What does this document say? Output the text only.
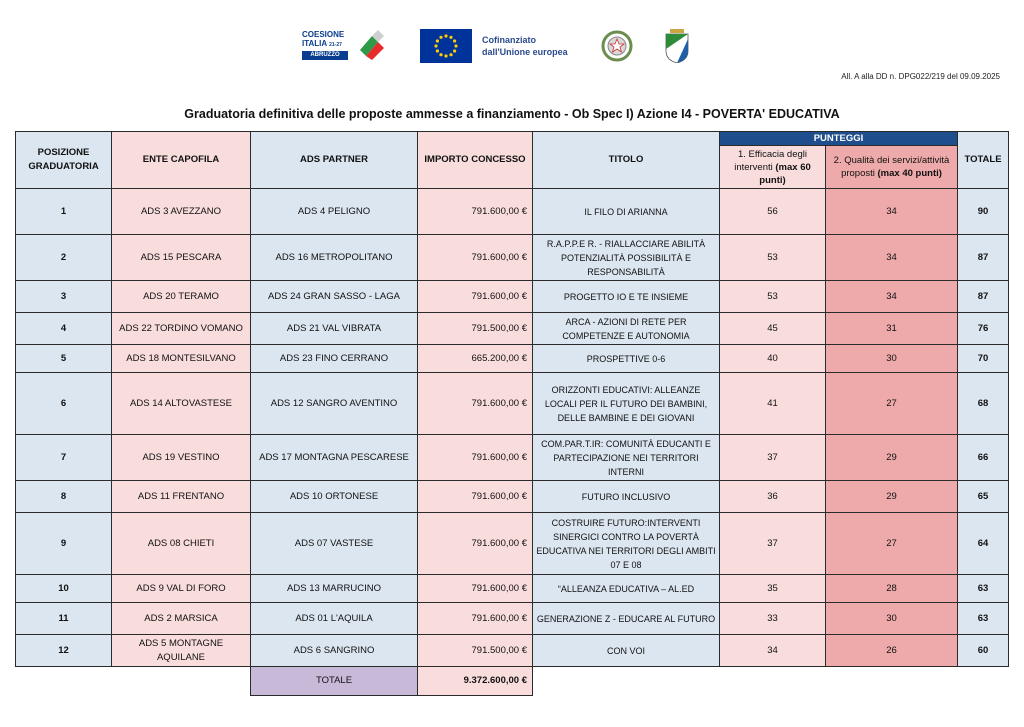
COESIONE
ITALIA 21-27
ABRUZZO
Cofinanziato
dall'Unione europea
All. A alla DD n. DPG022/219 del 09.09.2025
Graduatoria definitiva delle proposte ammesse a finanziamento - Ob Spec I) Azione I4 - POVERTA' EDUCATIVA
POSIZIONE GRADUATORIA	ENTE CAPOFILA	ADS PARTNER	IMPORTO CONCESSO	TITOLO	PUNTEGGI		TOTALE
					1. Efficacia degli interventi (max 60 punti)	2. Qualità dei servizi/attività proposti (max 40 punti)	
1	ADS 3 AVEZZANO	ADS 4 PELIGNO	791.600,00 €	IL FILO DI ARIANNA	56	34	90
2	ADS 15 PESCARA	ADS 16 METROPOLITANO	791.600,00 €	R.A.P.P.E R. - RIALLACCIARE ABILITÀ POTENZIALITÀ POSSIBILITÀ E RESPONSABILITÀ	53	34	87
3	ADS 20 TERAMO	ADS 24 GRAN SASSO - LAGA	791.600,00 €	PROGETTO IO E TE INSIEME	53	34	87
4	ADS 22 TORDINO VOMANO	ADS 21 VAL VIBRATA	791.500,00 €	ARCA - AZIONI DI RETE PER COMPETENZE E AUTONOMIA	45	31	76
5	ADS 18 MONTESILVANO	ADS 23 FINO CERRANO	665.200,00 €	PROSPETTIVE 0-6	40	30	70
6	ADS 14 ALTOVASTESE	ADS 12 SANGRO AVENTINO	791.600,00 €	ORIZZONTI EDUCATIVI: ALLEANZE LOCALI PER IL FUTURO DEI BAMBINI, DELLE BAMBINE E DEI GIOVANI	41	27	68
7	ADS 19 VESTINO	ADS 17 MONTAGNA PESCARESE	791.600,00 €	COM.PAR.T.IR: COMUNITÀ EDUCANTI E PARTECIPAZIONE NEI TERRITORI INTERNI	37	29	66
8	ADS 11 FRENTANO	ADS 10 ORTONESE	791.600,00 €	FUTURO INCLUSIVO	36	29	65
9	ADS 08 CHIETI	ADS 07 VASTESE	791.600,00 €	COSTRUIRE FUTURO:INTERVENTI SINERGICI CONTRO LA POVERTÀ EDUCATIVA NEI TERRITORI DEGLI AMBITI 07 E 08	37	27	64
10	ADS 9 VAL DI FORO	ADS 13 MARRUCINO	791.600,00 €	“ALLEANZA EDUCATIVA – AL.ED	35	28	63
11	ADS 2 MARSICA	ADS 01 L'AQUILA	791.600,00 €	GENERAZIONE Z - EDUCARE AL FUTURO	33	30	63
12	ADS 5 MONTAGNE AQUILANE	ADS 6 SANGRINO	791.500,00 €	CON VOI	34	26	60
		TOTALE	9.372.600,00 €				
